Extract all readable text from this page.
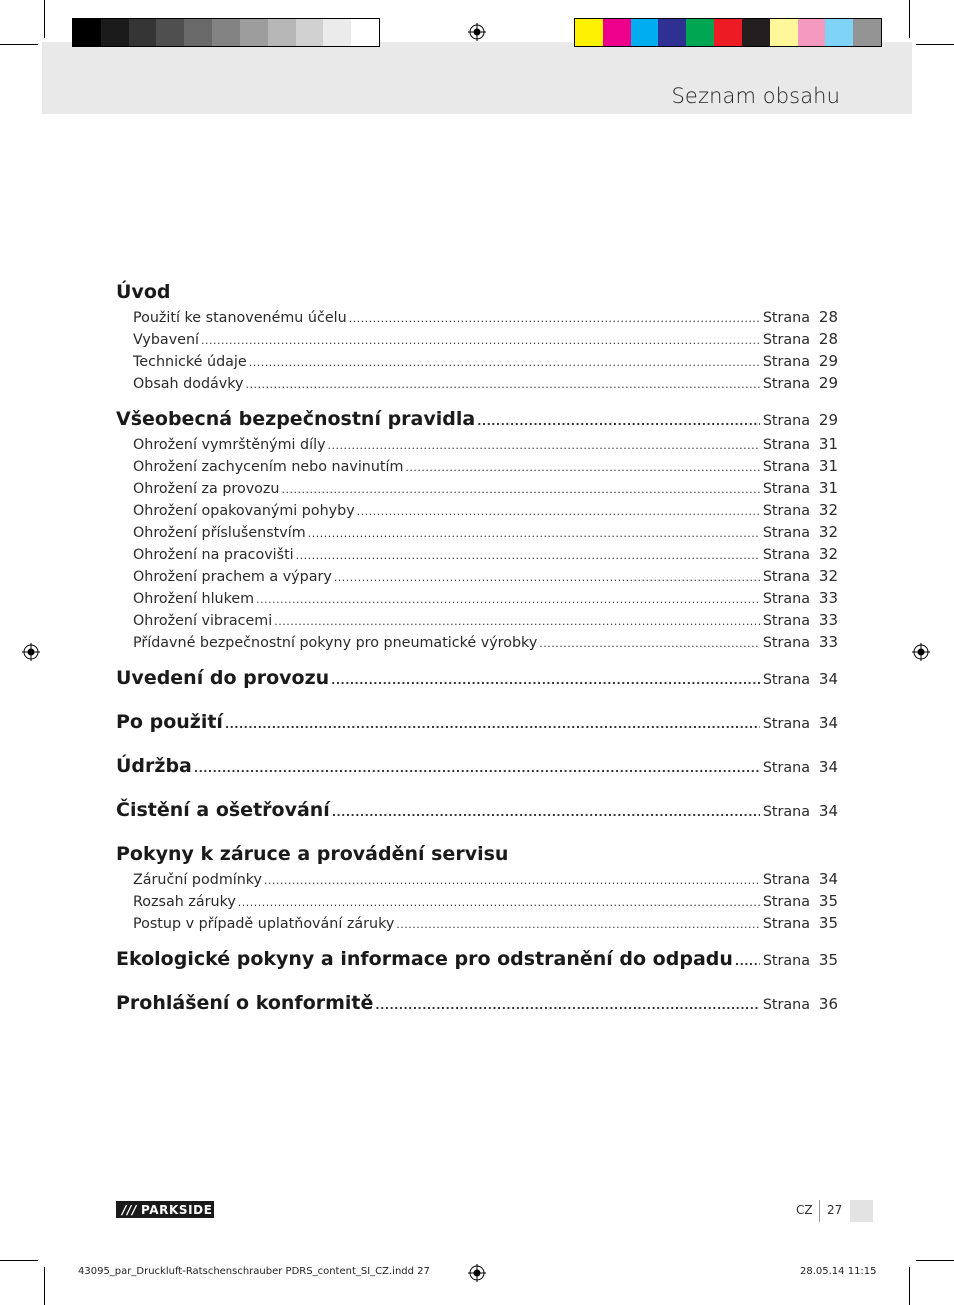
Seznam obsahu
Úvod
Použití ke stanovenému účelu .....	Strana 28
Vybavení .....	Strana 28
Technické údaje .....	Strana 29
Obsah dodávky .....	Strana 29
Všeobecná bezpečnostní pravidla .....	Strana 29
Ohrožení vymrštěnými díly .....	Strana 31
Ohrožení zachycením nebo navinutím .....	Strana 31
Ohrožení za provozu .....	Strana 31
Ohrožení opakovanými pohyby .....	Strana 32
Ohrožení příslušenstvím .....	Strana 32
Ohrožení na pracovišti .....	Strana 32
Ohrožení prachem a výpary .....	Strana 32
Ohrožení hlukem .....	Strana 33
Ohrožení vibracemi .....	Strana 33
Přídavné bezpečnostní pokyny pro pneumatické výrobky .....	Strana 33
Uvedení do provozu .....	Strana 34
Po použití .....	Strana 34
Údržba .....	Strana 34
Čistění a ošetřování .....	Strana 34
Pokyny k záruce a provádění servisu
Záruční podmínky .....	Strana 34
Rozsah záruky .....	Strana 35
Postup v případě uplatňování záruky .....	Strana 35
Ekologické pokyny a informace pro odstranění do odpadu ..... Strana 35
Prohlášení o konformitě .....	Strana 36
/// PARKSIDE	CZ 27
43095_par_Druckluft-Ratschenschrauber PDRS_content_SI_CZ.indd 27	28.05.14 11:15
